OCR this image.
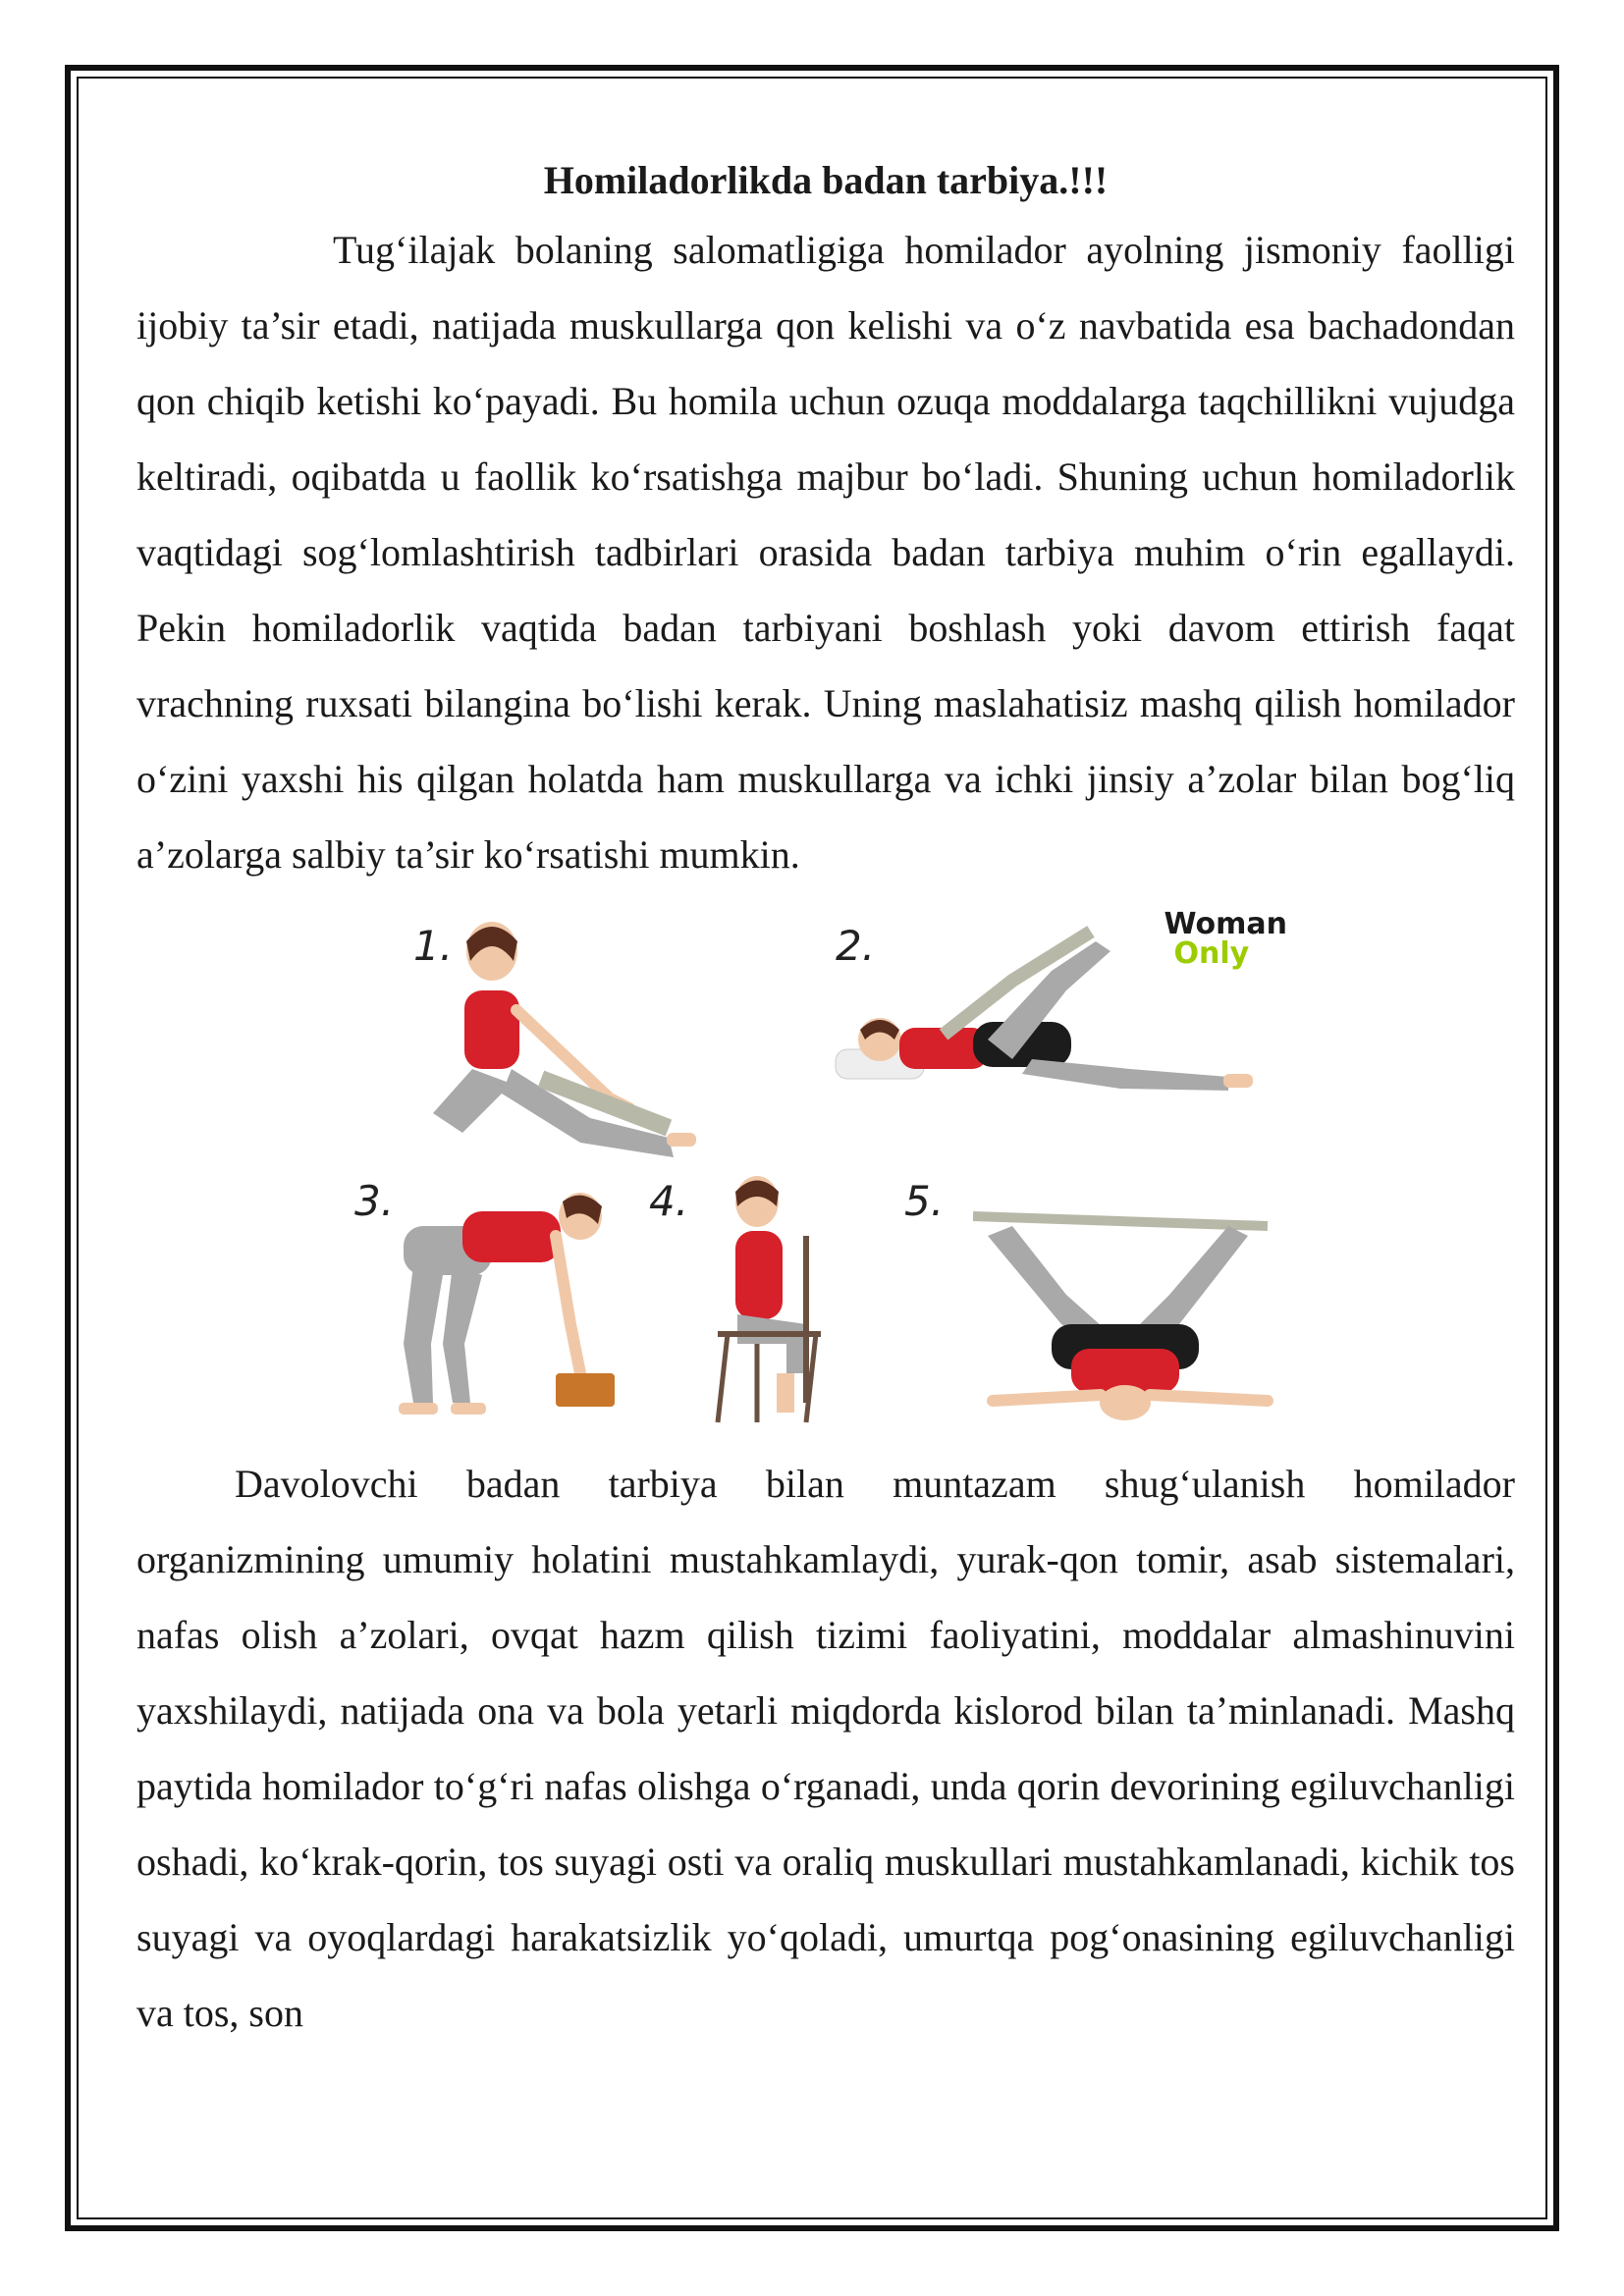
Homiladorlikda badan tarbiya.!!!

Tug‘ilajak bolaning salomatligiga homilador ayolning jismoniy faolligi ijobiy ta’sir etadi, natijada muskullarga qon kelishi va o‘z navbatida esa bachadondan qon chiqib ketishi ko‘payadi. Bu homila uchun ozuqa moddalarga taqchillikni vujudga keltiradi, oqibatda u faollik ko‘rsatishga majbur bo‘ladi. Shuning uchun homiladorlik vaqtidagi sog‘lomlashtirish tadbirlari orasida badan tarbiya muhim o‘rin egallaydi. Pekin homiladorlik vaqtida badan tarbiyani boshlash yoki davom ettirish faqat vrachning ruxsati bilangina bo‘lishi kerak. Uning maslahatisiz mashq qilish homilador o‘zini yaxshi his qilgan holatda ham muskullarga va ichki jinsiy a’zolar bilan bog‘liq a’zolarga salbiy ta’sir ko‘rsatishi mumkin.

1.	2.
3.	4.	5.
Woman
Only

Davolovchi badan tarbiya bilan muntazam shug‘ulanish homilador organizmining umumiy holatini mustahkamlaydi, yurak-qon tomir, asab sistemalari, nafas olish a’zolari, ovqat hazm qilish tizimi faoliyatini, moddalar almashinuvini yaxshilaydi, natijada ona va bola yetarli miqdorda kislorod bilan ta’minlanadi. Mashq paytida homilador to‘g‘ri nafas olishga o‘rganadi, unda qorin devorining egiluvchanligi oshadi, ko‘krak-qorin, tos suyagi osti va oraliq muskullari mustahkamlanadi, kichik tos suyagi va oyoqlardagi harakatsizlik yo‘qoladi, umurtqa pog‘onasining egiluvchanligi va tos, son
